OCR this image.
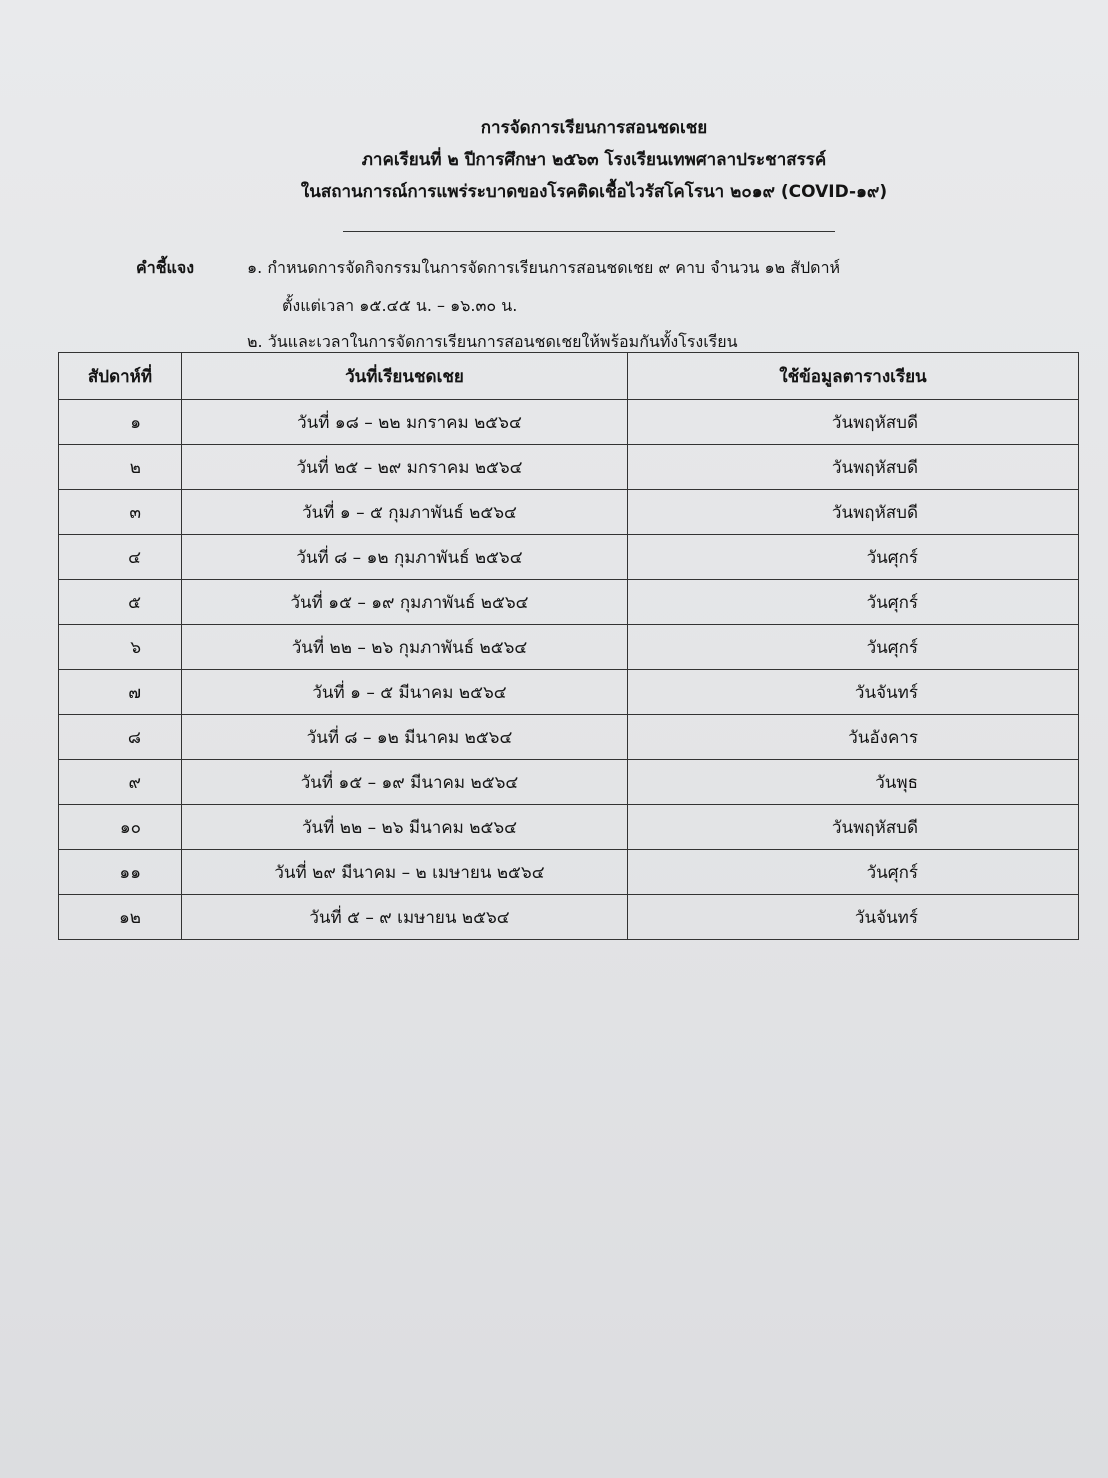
การจัดการเรียนการสอนชดเชย
ภาคเรียนที่ ๒ ปีการศึกษา ๒๕๖๓ โรงเรียนเทพศาลาประชาสรรค์
ในสถานการณ์การแพร่ระบาดของโรคติดเชื้อไวรัสโคโรนา ๒๐๑๙ (COVID-๑๙)
คำชี้แจง	๑. กำหนดการจัดกิจกรรมในการจัดการเรียนการสอนชดเชย ๙ คาบ จำนวน ๑๒ สัปดาห์
ตั้งแต่เวลา ๑๕.๔๕ น. – ๑๖.๓๐ น.
๒. วันและเวลาในการจัดการเรียนการสอนชดเชยให้พร้อมกันทั้งโรงเรียน
สัปดาห์ที่	วันที่เรียนชดเชย	ใช้ข้อมูลตารางเรียน
๑	วันที่ ๑๘ – ๒๒ มกราคม ๒๕๖๔	วันพฤหัสบดี
๒	วันที่ ๒๕ – ๒๙ มกราคม ๒๕๖๔	วันพฤหัสบดี
๓	วันที่ ๑ – ๕ กุมภาพันธ์ ๒๕๖๔	วันพฤหัสบดี
๔	วันที่ ๘ – ๑๒ กุมภาพันธ์ ๒๕๖๔	วันศุกร์
๕	วันที่ ๑๕ – ๑๙ กุมภาพันธ์ ๒๕๖๔	วันศุกร์
๖	วันที่ ๒๒ – ๒๖ กุมภาพันธ์ ๒๕๖๔	วันศุกร์
๗	วันที่ ๑ – ๕ มีนาคม ๒๕๖๔	วันจันทร์
๘	วันที่ ๘ – ๑๒ มีนาคม ๒๕๖๔	วันอังคาร
๙	วันที่ ๑๕ – ๑๙ มีนาคม ๒๕๖๔	วันพุธ
๑๐	วันที่ ๒๒ – ๒๖ มีนาคม ๒๕๖๔	วันพฤหัสบดี
๑๑	วันที่ ๒๙ มีนาคม – ๒ เมษายน ๒๕๖๔	วันศุกร์
๑๒	วันที่ ๕ – ๙ เมษายน ๒๕๖๔	วันจันทร์
